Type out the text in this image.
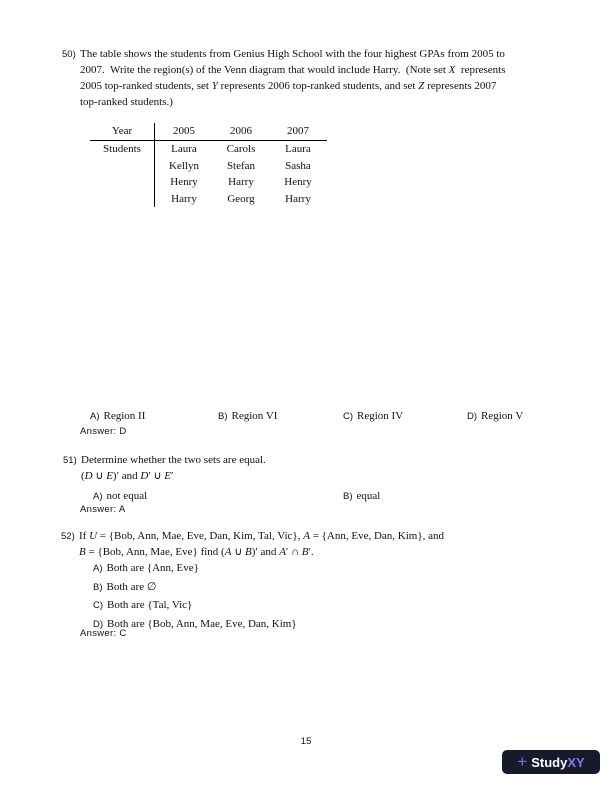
50) The table shows the students from Genius High School with the four highest GPAs from 2005 to
2007.  Write the region(s) of the Venn diagram that would include Harry.  (Note set X  represents
2005 top-ranked students, set Y represents 2006 top-ranked students, and set Z represents 2007
top-ranked students.)
Year	2005	2006	2007
Students	Laura	Carols	Laura
	Kellyn	Stefan	Sasha
	Henry	Harry	Henry
	Harry	Georg	Harry
A) Region II	B) Region VI	C) Region IV	D) Region V
Answer: D
51) Determine whether the two sets are equal.
(D ∪ E)′ and D′ ∪ E′
A) not equal	B) equal
Answer: A
52) If U = {Bob, Ann, Mae, Eve, Dan, Kim, Tal, Vic}, A = {Ann, Eve, Dan, Kim}, and
B = {Bob, Ann, Mae, Eve} find (A ∪ B)′ and A′ ∩ B′.
A) Both are {Ann, Eve}
B) Both are ∅
C) Both are {Tal, Vic}
D) Both are {Bob, Ann, Mae, Eve, Dan, Kim}
Answer: C
15
+ Study XY
